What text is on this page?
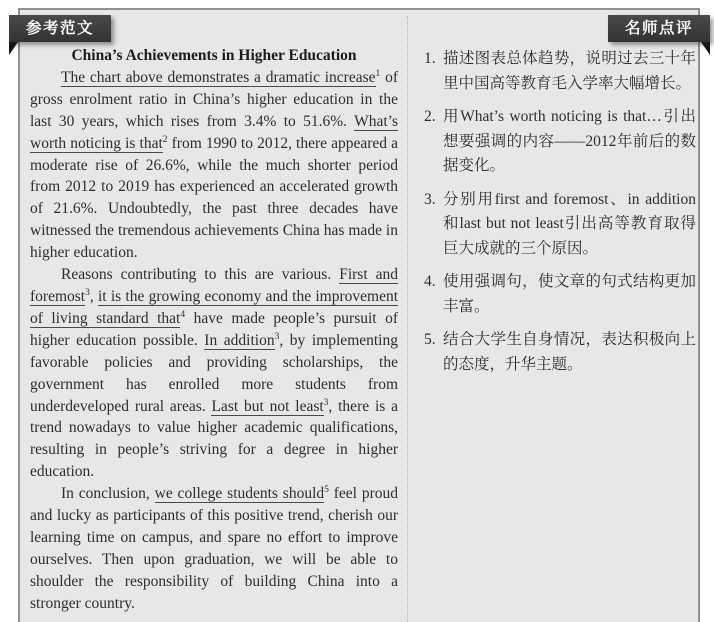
参考范文	名师点评
China’s Achievements in Higher Education

The chart above demonstrates a dramatic increase$^1$ of gross enrolment ratio in China’s higher education in the last 30 years, which rises from 3.4% to 51.6%. What’s worth noticing is that$^2$ from 1990 to 2012, there appeared a moderate rise of 26.6%, while the much shorter period from 2012 to 2019 has experienced an accelerated growth of 21.6%. Undoubtedly, the past three decades have witnessed the tremendous achievements China has made in higher education.

Reasons contributing to this are various. First and foremost$^3$, it is the growing economy and the improvement of living standard that$^4$ have made people’s pursuit of higher education possible. In addition$^3$, by implementing favorable policies and providing scholarships, the government has enrolled more students from underdeveloped rural areas. Last but not least$^3$, there is a trend nowadays to value higher academic qualifications, resulting in people’s striving for a degree in higher education.

In conclusion, we college students should$^5$ feel proud and lucky as participants of this positive trend, cherish our learning time on campus, and spare no effort to improve ourselves. Then upon graduation, we will be able to shoulder the responsibility of building China into a stronger country.

1. 描述图表总体趋势，说明过去三十年里中国高等教育毛入学率大幅增长。
2. 用What’s worth noticing is that…引出想要强调的内容——2012年前后的数据变化。
3. 分别用first and foremost、in addition和last but not least引出高等教育取得巨大成就的三个原因。
4. 使用强调句，使文章的句式结构更加丰富。
5. 结合大学生自身情况，表达积极向上的态度，升华主题。
